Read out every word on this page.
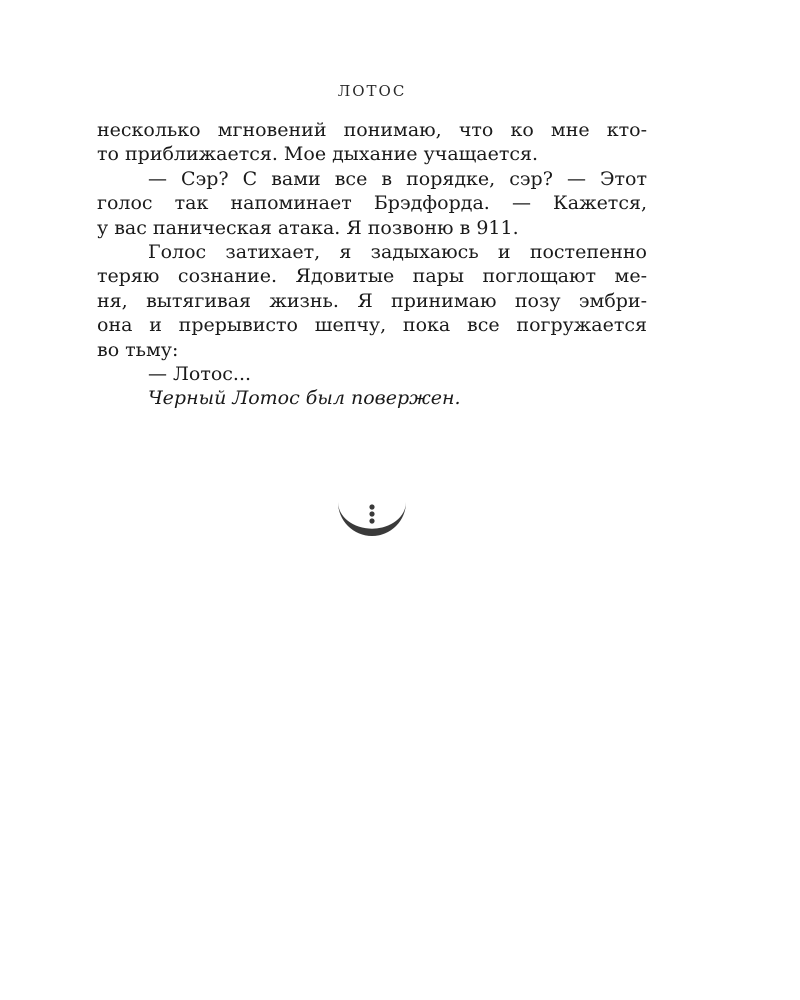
ЛОТОС
несколько мгновений понимаю, что ко мне кто-
то приближается. Мое дыхание учащается.
— Сэр? С вами все в порядке, сэр? — Этот
голос так напоминает Брэдфорда. — Кажется,
у вас паническая атака. Я позвоню в 911.
Голос затихает, я задыхаюсь и постепенно
теряю сознание. Ядовитые пары поглощают ме-
ня, вытягивая жизнь. Я принимаю позу эмбри-
она и прерывисто шепчу, пока все погружается
во тьму:
— Лотос...
Черный Лотос был повержен.
